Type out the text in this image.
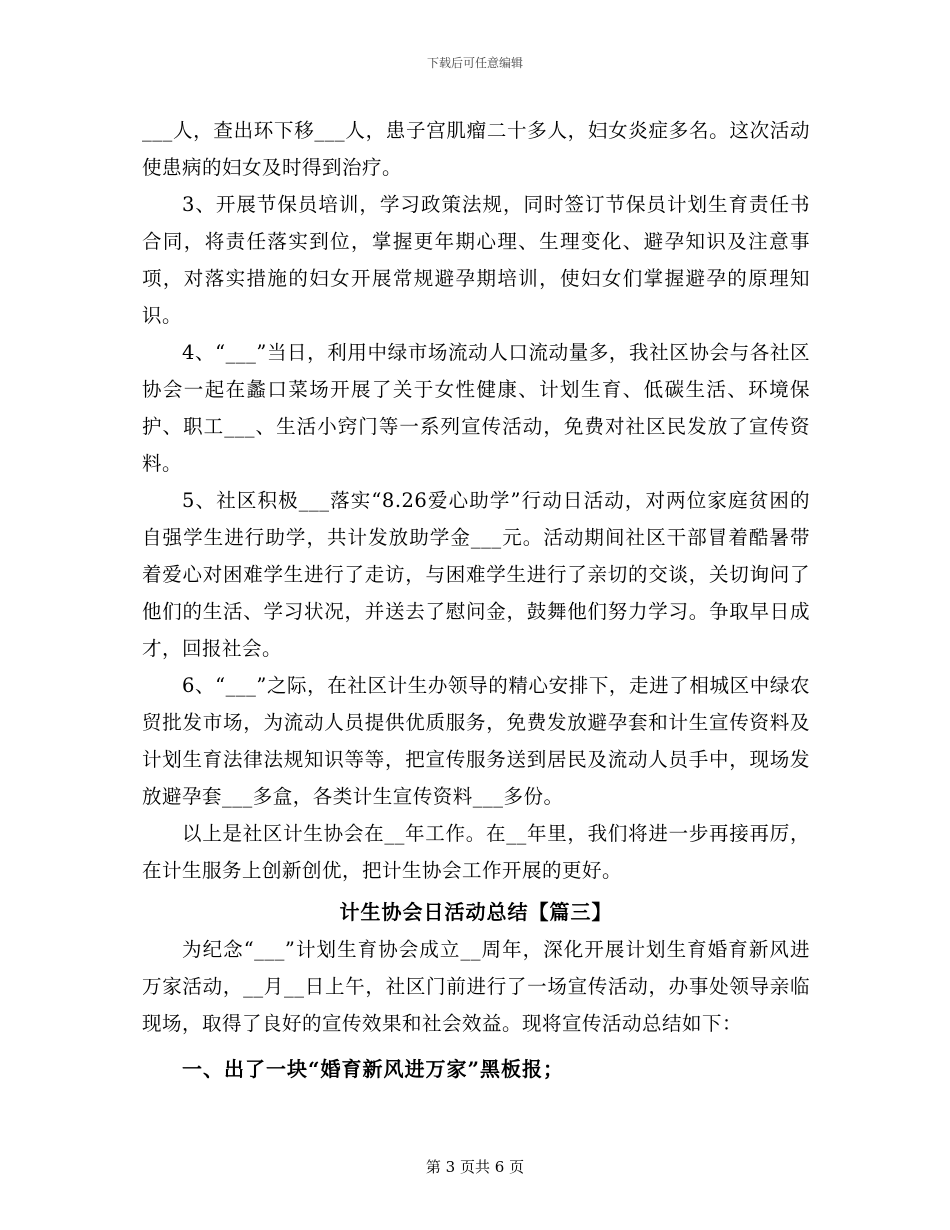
下载后可任意编辑

___人，查出环下移___人，患子宫肌瘤二十多人，妇女炎症多名。这次活动使患病的妇女及时得到治疗。

3、开展节保员培训，学习政策法规，同时签订节保员计划生育责任书合同，将责任落实到位，掌握更年期心理、生理变化、避孕知识及注意事项，对落实措施的妇女开展常规避孕期培训，使妇女们掌握避孕的原理知识。

4、“___”当日，利用中绿市场流动人口流动量多，我社区协会与各社区协会一起在蠡口菜场开展了关于女性健康、计划生育、低碳生活、环境保护、职工___、生活小窍门等一系列宣传活动，免费对社区民发放了宣传资料。

5、社区积极___落实“8.26爱心助学”行动日活动，对两位家庭贫困的自强学生进行助学，共计发放助学金___元。活动期间社区干部冒着酷暑带着爱心对困难学生进行了走访，与困难学生进行了亲切的交谈，关切询问了他们的生活、学习状况，并送去了慰问金，鼓舞他们努力学习。争取早日成才，回报社会。

6、“___”之际，在社区计生办领导的精心安排下，走进了相城区中绿农贸批发市场，为流动人员提供优质服务，免费发放避孕套和计生宣传资料及计划生育法律法规知识等等，把宣传服务送到居民及流动人员手中，现场发放避孕套___多盒，各类计生宣传资料___多份。

以上是社区计生协会在__年工作。在__年里，我们将进一步再接再厉，在计生服务上创新创优，把计生协会工作开展的更好。

计生协会日活动总结【篇三】

为纪念“___”计划生育协会成立__周年，深化开展计划生育婚育新风进万家活动，__月__日上午，社区门前进行了一场宣传活动，办事处领导亲临现场，取得了良好的宣传效果和社会效益。现将宣传活动总结如下：

一、出了一块“婚育新风进万家”黑板报；

第 3 页共 6 页
